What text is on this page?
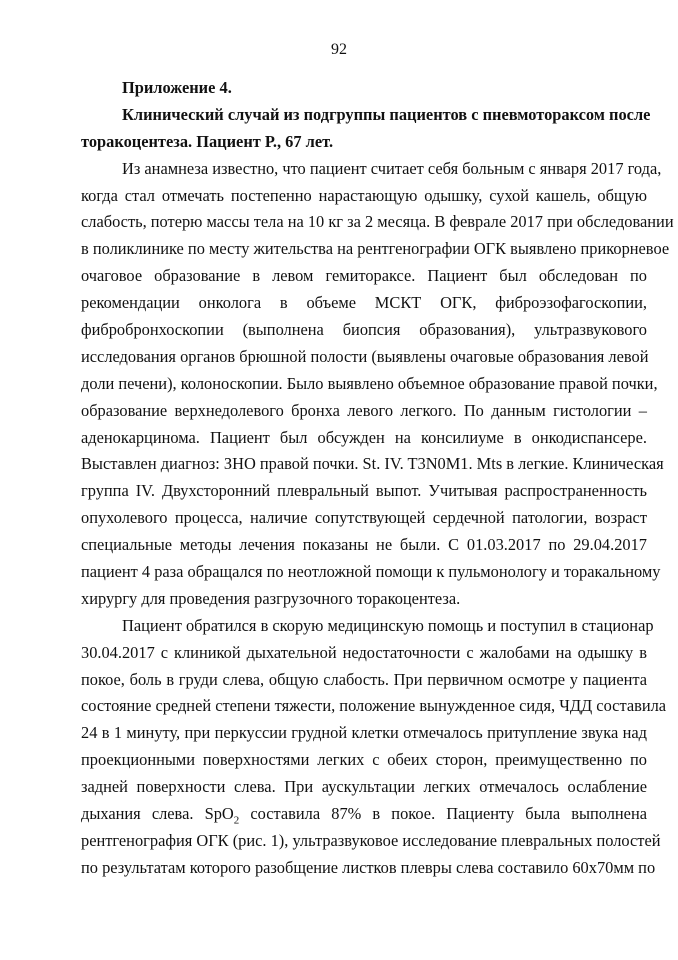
92
Приложение 4.
Клинический случай из подгруппы пациентов с пневмотораксом после
торакоцентеза. Пациент Р., 67 лет.
Из анамнеза известно, что пациент считает себя больным с января 2017 года,
когда стал отмечать постепенно нарастающую одышку, сухой кашель, общую
слабость, потерю массы тела на 10 кг за 2 месяца. В феврале 2017 при обследовании
в поликлинике по месту жительства на рентгенографии ОГК выявлено прикорневое
очаговое образование в левом гемитораксе. Пациент был обследован по
рекомендации онколога в объеме МСКТ ОГК, фиброэзофагоскопии,
фибробронхоскопии (выполнена биопсия образования), ультразвукового
исследования органов брюшной полости (выявлены очаговые образования левой
доли печени), колоноскопии. Было выявлено объемное образование правой почки,
образование верхнедолевого бронха левого легкого. По данным гистологии –
аденокарцинома. Пациент был обсужден на консилиуме в онкодиспансере.
Выставлен диагноз: ЗНО правой почки. St. IV. T3N0M1. Mts в легкие. Клиническая
группа IV. Двухсторонний плевральный выпот. Учитывая распространенность
опухолевого процесса, наличие сопутствующей сердечной патологии, возраст
специальные методы лечения показаны не были. С 01.03.2017 по 29.04.2017
пациент 4 раза обращался по неотложной помощи к пульмонологу и торакальному
хирургу для проведения разгрузочного торакоцентеза.
Пациент обратился в скорую медицинскую помощь и поступил в стационар
30.04.2017 с клиникой дыхательной недостаточности с жалобами на одышку в
покое, боль в груди слева, общую слабость. При первичном осмотре у пациента
состояние средней степени тяжести, положение вынужденное сидя, ЧДД составила
24 в 1 минуту, при перкуссии грудной клетки отмечалось притупление звука над
проекционными поверхностями легких с обеих сторон, преимущественно по
задней поверхности слева. При аускультации легких отмечалось ослабление
дыхания слева. SpO$_2$ составила 87% в покое. Пациенту была выполнена
рентгенография ОГК (рис. 1), ультразвуковое исследование плевральных полостей
по результатам которого разобщение листков плевры слева составило 60х70мм по
